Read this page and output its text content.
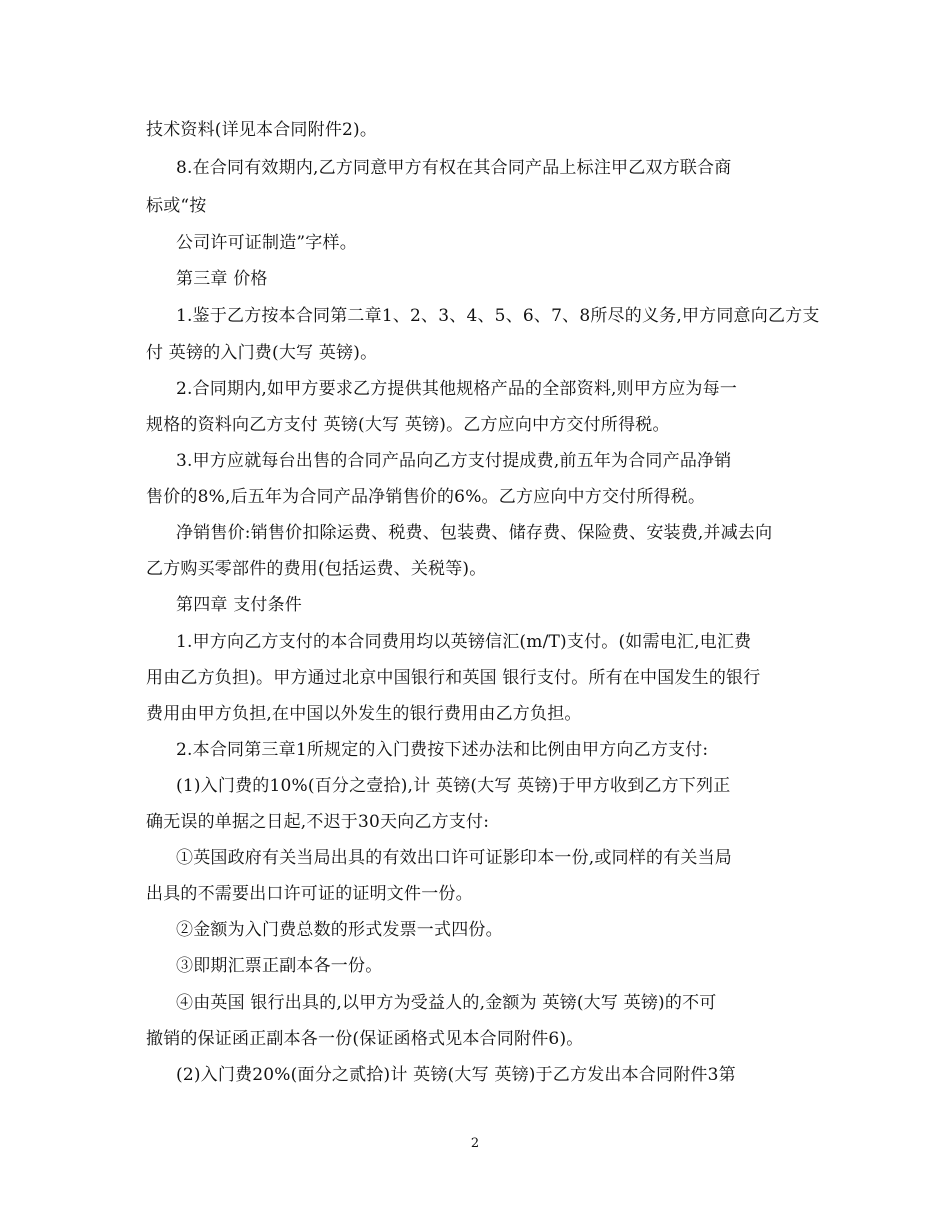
技术资料(详见本合同附件2)。
8.在合同有效期内,乙方同意甲方有权在其合同产品上标注甲乙双方联合商
标或“按
公司许可证制造”字样。
第三章 价格
1.鉴于乙方按本合同第二章1、2、3、4、5、6、7、8所尽的义务,甲方同意向乙方支
付 英镑的入门费(大写 英镑)。
2.合同期内,如甲方要求乙方提供其他规格产品的全部资料,则甲方应为每一
规格的资料向乙方支付 英镑(大写 英镑)。乙方应向中方交付所得税。
3.甲方应就每台出售的合同产品向乙方支付提成费,前五年为合同产品净销
售价的8%,后五年为合同产品净销售价的6%。乙方应向中方交付所得税。
净销售价:销售价扣除运费、税费、包装费、储存费、保险费、安装费,并减去向
乙方购买零部件的费用(包括运费、关税等)。
第四章 支付条件
1.甲方向乙方支付的本合同费用均以英镑信汇(m/T)支付。(如需电汇,电汇费
用由乙方负担)。甲方通过北京中国银行和英国 银行支付。所有在中国发生的银行
费用由甲方负担,在中国以外发生的银行费用由乙方负担。
2.本合同第三章1所规定的入门费按下述办法和比例由甲方向乙方支付:
(1)入门费的10%(百分之壹拾),计 英镑(大写 英镑)于甲方收到乙方下列正
确无误的单据之日起,不迟于30天向乙方支付:
①英国政府有关当局出具的有效出口许可证影印本一份,或同样的有关当局
出具的不需要出口许可证的证明文件一份。
②金额为入门费总数的形式发票一式四份。
③即期汇票正副本各一份。
④由英国 银行出具的,以甲方为受益人的,金额为 英镑(大写 英镑)的不可
撤销的保证函正副本各一份(保证函格式见本合同附件6)。
(2)入门费20%(面分之贰拾)计 英镑(大写 英镑)于乙方发出本合同附件3第
2
